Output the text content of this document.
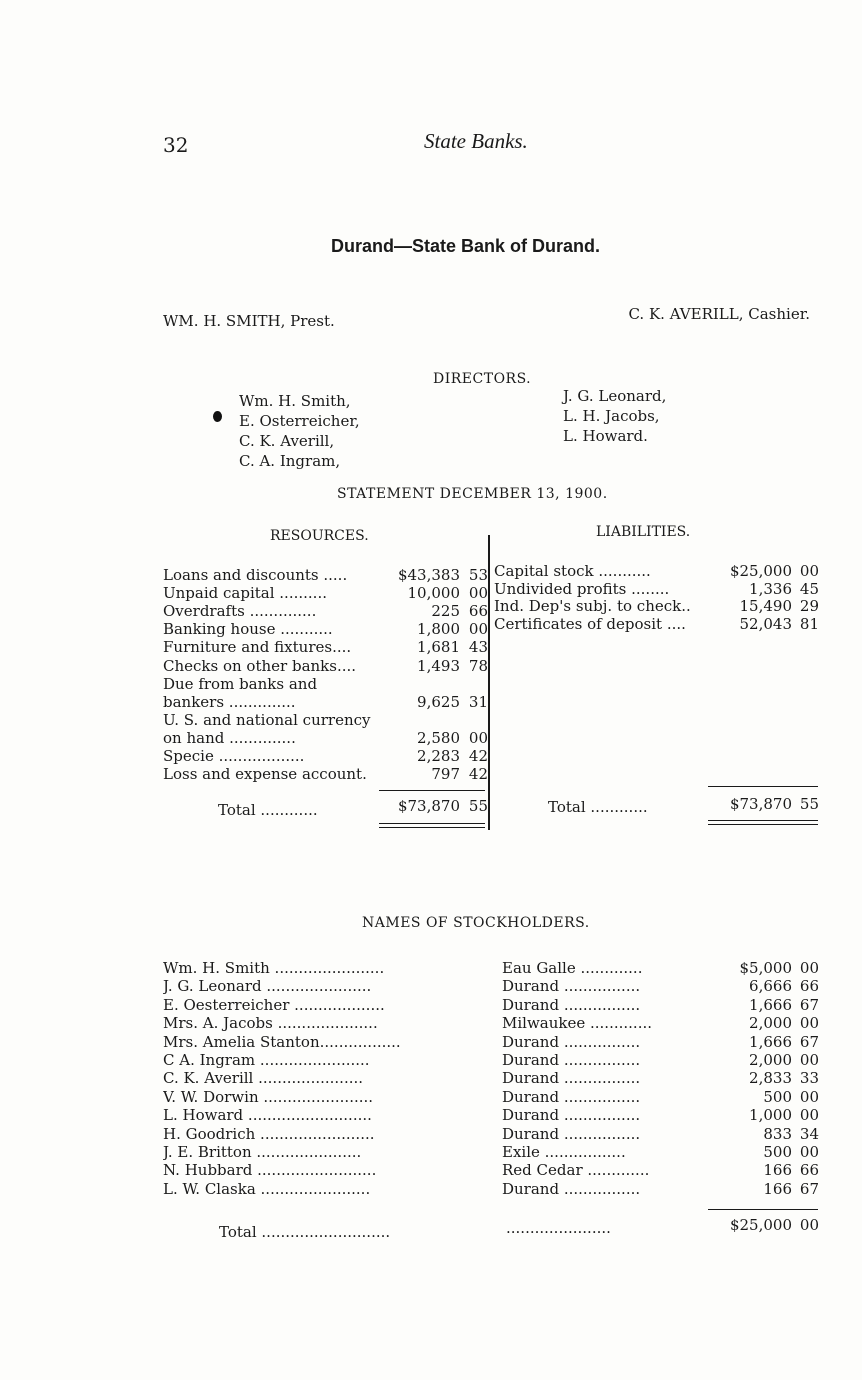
32	State Banks.
Durand—State Bank of Durand.
WM. H. SMITH, Prest.	C. K. AVERILL, Cashier.
DIRECTORS.
Wm. H. Smith,
E. Osterreicher,
C. K. Averill,
C. A. Ingram,
J. G. Leonard,
L. H. Jacobs,
L. Howard.
STATEMENT DECEMBER 13, 1900.
RESOURCES.	LIABILITIES.
Loans and discounts .....	$43,383 53
Unpaid capital ..........	10,000 00
Overdrafts ..............	225 66
Banking house ...........	1,800 00
Furniture and fixtures....	1,681 43
Checks on other banks....	1,493 78
Due from banks and
bankers ..............	9,625 31
U. S. and national currency
on hand ..............	2,580 00
Specie ..................	2,283 42
Loss and expense account.	797 42
Capital stock ...........	$25,000 00
Undivided profits ........	1,336 45
Ind. Dep's subj. to check..	15,490 29
Certificates of deposit ....	52,043 81
Total ............	$73,870 55	Total ............	$73,870 55
NAMES OF STOCKHOLDERS.
Wm. H. Smith .......................	Eau Galle .............	$5,000 00
J. G. Leonard ......................	Durand ................	6,666 66
E. Oesterreicher ...................	Durand ................	1,666 67
Mrs. A. Jacobs .....................	Milwaukee .............	2,000 00
Mrs. Amelia Stanton.................	Durand ................	1,666 67
C A. Ingram .......................	Durand ................	2,000 00
C. K. Averill ......................	Durand ................	2,833 33
V. W. Dorwin .......................	Durand ................	500 00
L. Howard ..........................	Durand ................	1,000 00
H. Goodrich ........................	Durand ................	833 34
J. E. Britton ......................	Exile .................	500 00
N. Hubbard .........................	Red Cedar .............	166 66
L. W. Claska .......................	Durand ................	166 67
Total ...........................	......................	$25,000 00
